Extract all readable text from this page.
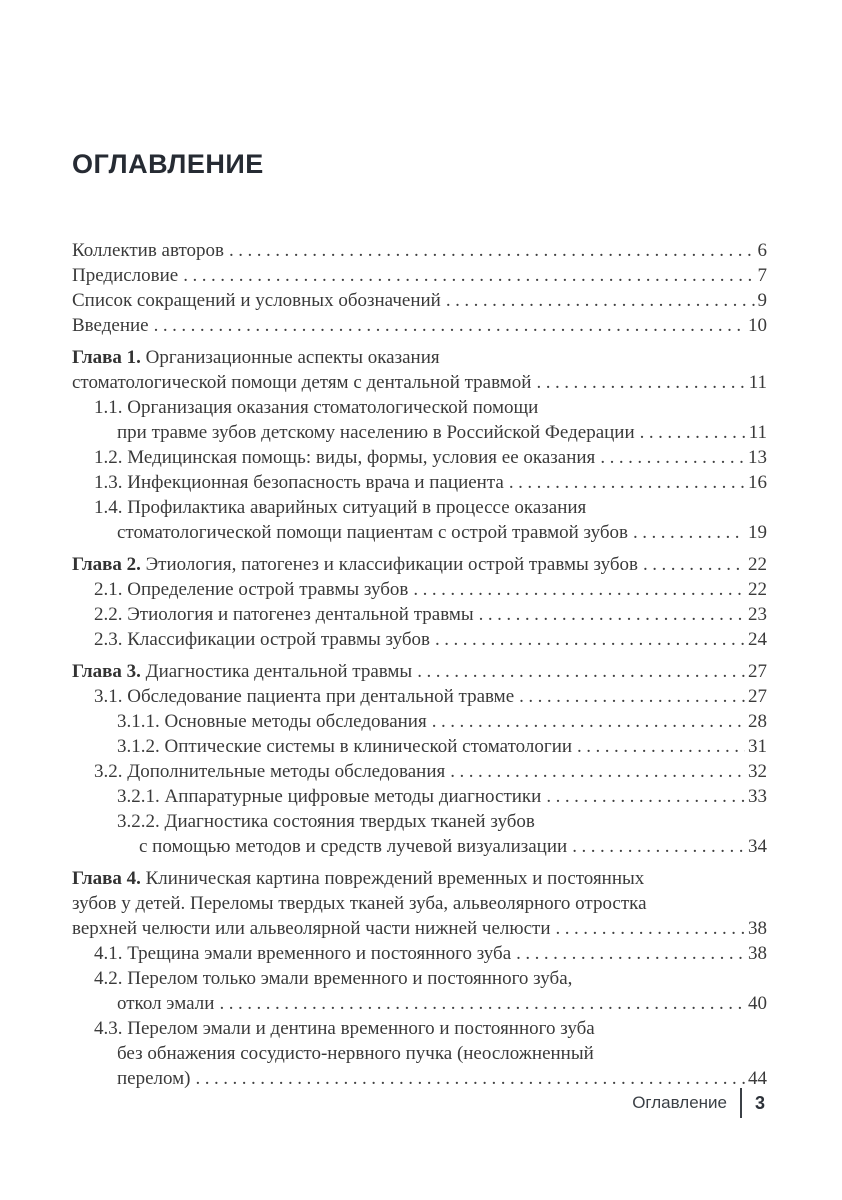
ОГЛАВЛЕНИЕ
Коллектив авторов .....	6
Предисловие .....	7
Список сокращений и условных обозначений .....	9
Введение .....	10
Глава 1. Организационные аспекты оказания
стоматологической помощи детям с дентальной травмой .....	11
1.1. Организация оказания стоматологической помощи
при травме зубов детскому населению в Российской Федерации .....	11
1.2. Медицинская помощь: виды, формы, условия ее оказания .....	13
1.3. Инфекционная безопасность врача и пациента .....	16
1.4. Профилактика аварийных ситуаций в процессе оказания
стоматологической помощи пациентам с острой травмой зубов .....	19
Глава 2. Этиология, патогенез и классификации острой травмы зубов .....	22
2.1. Определение острой травмы зубов .....	22
2.2. Этиология и патогенез дентальной травмы .....	23
2.3. Классификации острой травмы зубов .....	24
Глава 3. Диагностика дентальной травмы .....	27
3.1. Обследование пациента при дентальной травме .....	27
3.1.1. Основные методы обследования .....	28
3.1.2. Оптические системы в клинической стоматологии .....	31
3.2. Дополнительные методы обследования .....	32
3.2.1. Аппаратурные цифровые методы диагностики .....	33
3.2.2. Диагностика состояния твердых тканей зубов
с помощью методов и средств лучевой визуализации .....	34
Глава 4. Клиническая картина повреждений временных и постоянных
зубов у детей. Переломы твердых тканей зуба, альвеолярного отростка
верхней челюсти или альвеолярной части нижней челюсти .....	38
4.1. Трещина эмали временного и постоянного зуба .....	38
4.2. Перелом только эмали временного и постоянного зуба,
откол эмали .....	40
4.3. Перелом эмали и дентина временного и постоянного зуба
без обнажения сосудисто-нервного пучка (неосложненный
перелом) .....	44
Оглавление 3
